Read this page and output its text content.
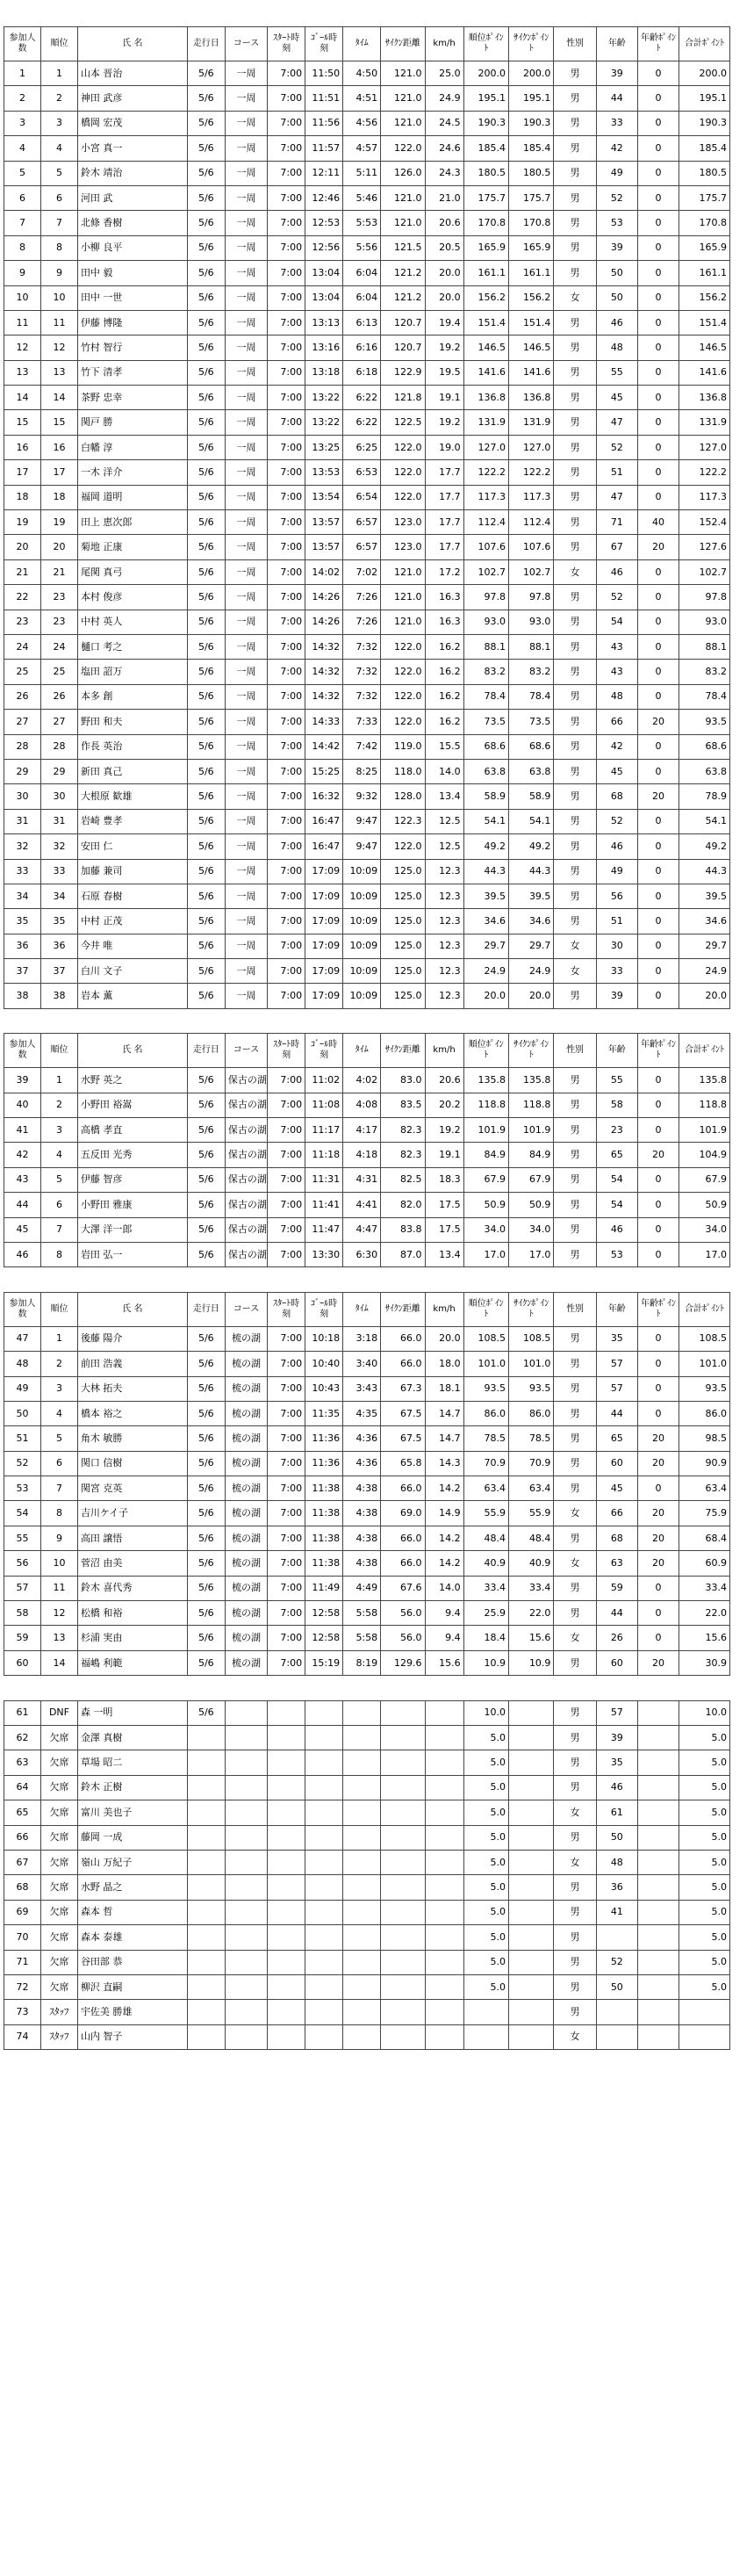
参加人数	順位	氏 名	走行日	コース	ｽﾀｰﾄ時刻	ｺﾞｰﾙ時刻	ﾀｲﾑ	ｻｲｸﾝ距離	km/h	順位ﾎﾟｲﾝﾄ	ｻｲｸﾝﾎﾟｲﾝﾄ	性別	年齢	年齢ﾎﾟｲﾝﾄ	合計ﾎﾟｲﾝﾄ
1	1	山本 晋治	5/6	一周	7:00	11:50	4:50	121.0	25.0	200.0	200.0	男	39	0	200.0
2	2	神田 武彦	5/6	一周	7:00	11:51	4:51	121.0	24.9	195.1	195.1	男	44	0	195.1
3	3	橋岡 宏茂	5/6	一周	7:00	11:56	4:56	121.0	24.5	190.3	190.3	男	33	0	190.3
4	4	小宮 真一	5/6	一周	7:00	11:57	4:57	122.0	24.6	185.4	185.4	男	42	0	185.4
5	5	鈴木 靖治	5/6	一周	7:00	12:11	5:11	126.0	24.3	180.5	180.5	男	49	0	180.5
6	6	河田 武	5/6	一周	7:00	12:46	5:46	121.0	21.0	175.7	175.7	男	52	0	175.7
7	7	北條 香樹	5/6	一周	7:00	12:53	5:53	121.0	20.6	170.8	170.8	男	53	0	170.8
8	8	小柳 良平	5/6	一周	7:00	12:56	5:56	121.5	20.5	165.9	165.9	男	39	0	165.9
9	9	田中 毅	5/6	一周	7:00	13:04	6:04	121.2	20.0	161.1	161.1	男	50	0	161.1
10	10	田中 一世	5/6	一周	7:00	13:04	6:04	121.2	20.0	156.2	156.2	女	50	0	156.2
11	11	伊藤 博隆	5/6	一周	7:00	13:13	6:13	120.7	19.4	151.4	151.4	男	46	0	151.4
12	12	竹村 智行	5/6	一周	7:00	13:16	6:16	120.7	19.2	146.5	146.5	男	48	0	146.5
13	13	竹下 清孝	5/6	一周	7:00	13:18	6:18	122.9	19.5	141.6	141.6	男	55	0	141.6
14	14	茶野 忠幸	5/6	一周	7:00	13:22	6:22	121.8	19.1	136.8	136.8	男	45	0	136.8
15	15	関戸 勝	5/6	一周	7:00	13:22	6:22	122.5	19.2	131.9	131.9	男	47	0	131.9
16	16	白幡 淳	5/6	一周	7:00	13:25	6:25	122.0	19.0	127.0	127.0	男	52	0	127.0
17	17	一木 洋介	5/6	一周	7:00	13:53	6:53	122.0	17.7	122.2	122.2	男	51	0	122.2
18	18	福岡 道明	5/6	一周	7:00	13:54	6:54	122.0	17.7	117.3	117.3	男	47	0	117.3
19	19	田上 恵次郎	5/6	一周	7:00	13:57	6:57	123.0	17.7	112.4	112.4	男	71	40	152.4
20	20	菊地 正康	5/6	一周	7:00	13:57	6:57	123.0	17.7	107.6	107.6	男	67	20	127.6
21	21	尾関 真弓	5/6	一周	7:00	14:02	7:02	121.0	17.2	102.7	102.7	女	46	0	102.7
22	23	本村 俊彦	5/6	一周	7:00	14:26	7:26	121.0	16.3	97.8	97.8	男	52	0	97.8
23	23	中村 英人	5/6	一周	7:00	14:26	7:26	121.0	16.3	93.0	93.0	男	54	0	93.0
24	24	樋口 考之	5/6	一周	7:00	14:32	7:32	122.0	16.2	88.1	88.1	男	43	0	88.1
25	25	塩田 詔万	5/6	一周	7:00	14:32	7:32	122.0	16.2	83.2	83.2	男	43	0	83.2
26	26	本多 創	5/6	一周	7:00	14:32	7:32	122.0	16.2	78.4	78.4	男	48	0	78.4
27	27	野田 和夫	5/6	一周	7:00	14:33	7:33	122.0	16.2	73.5	73.5	男	66	20	93.5
28	28	作長 英治	5/6	一周	7:00	14:42	7:42	119.0	15.5	68.6	68.6	男	42	0	68.6
29	29	新田 真己	5/6	一周	7:00	15:25	8:25	118.0	14.0	63.8	63.8	男	45	0	63.8
30	30	大根原 歓雄	5/6	一周	7:00	16:32	9:32	128.0	13.4	58.9	58.9	男	68	20	78.9
31	31	岩崎 豊孝	5/6	一周	7:00	16:47	9:47	122.3	12.5	54.1	54.1	男	52	0	54.1
32	32	安田 仁	5/6	一周	7:00	16:47	9:47	122.0	12.5	49.2	49.2	男	46	0	49.2
33	33	加藤 兼司	5/6	一周	7:00	17:09	10:09	125.0	12.3	44.3	44.3	男	49	0	44.3
34	34	石原 春樹	5/6	一周	7:00	17:09	10:09	125.0	12.3	39.5	39.5	男	56	0	39.5
35	35	中村 正茂	5/6	一周	7:00	17:09	10:09	125.0	12.3	34.6	34.6	男	51	0	34.6
36	36	今井 唯	5/6	一周	7:00	17:09	10:09	125.0	12.3	29.7	29.7	女	30	0	29.7
37	37	白川 文子	5/6	一周	7:00	17:09	10:09	125.0	12.3	24.9	24.9	女	33	0	24.9
38	38	岩本 薫	5/6	一周	7:00	17:09	10:09	125.0	12.3	20.0	20.0	男	39	0	20.0

参加人数	順位	氏 名	走行日	コース	ｽﾀｰﾄ時刻	ｺﾞｰﾙ時刻	ﾀｲﾑ	ｻｲｸﾝ距離	km/h	順位ﾎﾟｲﾝﾄ	ｻｲｸﾝﾎﾟｲﾝﾄ	性別	年齢	年齢ﾎﾟｲﾝﾄ	合計ﾎﾟｲﾝﾄ
39	1	水野 英之	5/6	保古の湖	7:00	11:02	4:02	83.0	20.6	135.8	135.8	男	55	0	135.8
40	2	小野田 裕嵩	5/6	保古の湖	7:00	11:08	4:08	83.5	20.2	118.8	118.8	男	58	0	118.8
41	3	高橋 孝直	5/6	保古の湖	7:00	11:17	4:17	82.3	19.2	101.9	101.9	男	23	0	101.9
42	4	五反田 光秀	5/6	保古の湖	7:00	11:18	4:18	82.3	19.1	84.9	84.9	男	65	20	104.9
43	5	伊藤 智彦	5/6	保古の湖	7:00	11:31	4:31	82.5	18.3	67.9	67.9	男	54	0	67.9
44	6	小野田 雅康	5/6	保古の湖	7:00	11:41	4:41	82.0	17.5	50.9	50.9	男	54	0	50.9
45	7	大澤 洋一郎	5/6	保古の湖	7:00	11:47	4:47	83.8	17.5	34.0	34.0	男	46	0	34.0
46	8	岩田 弘一	5/6	保古の湖	7:00	13:30	6:30	87.0	13.4	17.0	17.0	男	53	0	17.0

参加人数	順位	氏 名	走行日	コース	ｽﾀｰﾄ時刻	ｺﾞｰﾙ時刻	ﾀｲﾑ	ｻｲｸﾝ距離	km/h	順位ﾎﾟｲﾝﾄ	ｻｲｸﾝﾎﾟｲﾝﾄ	性別	年齢	年齢ﾎﾟｲﾝﾄ	合計ﾎﾟｲﾝﾄ
47	1	後藤 陽介	5/6	梳の湖	7:00	10:18	3:18	66.0	20.0	108.5	108.5	男	35	0	108.5
48	2	前田 浩義	5/6	梳の湖	7:00	10:40	3:40	66.0	18.0	101.0	101.0	男	57	0	101.0
49	3	大林 拓夫	5/6	梳の湖	7:00	10:43	3:43	67.3	18.1	93.5	93.5	男	57	0	93.5
50	4	橋本 裕之	5/6	梳の湖	7:00	11:35	4:35	67.5	14.7	86.0	86.0	男	44	0	86.0
51	5	角木 敏勝	5/6	梳の湖	7:00	11:36	4:36	67.5	14.7	78.5	78.5	男	65	20	98.5
52	6	関口 信樹	5/6	梳の湖	7:00	11:36	4:36	65.8	14.3	70.9	70.9	男	60	20	90.9
53	7	関宮 克英	5/6	梳の湖	7:00	11:38	4:38	66.0	14.2	63.4	63.4	男	45	0	63.4
54	8	吉川ケイ子	5/6	梳の湖	7:00	11:38	4:38	69.0	14.9	55.9	55.9	女	66	20	75.9
55	9	高田 譲悟	5/6	梳の湖	7:00	11:38	4:38	66.0	14.2	48.4	48.4	男	68	20	68.4
56	10	菅沼 由美	5/6	梳の湖	7:00	11:38	4:38	66.0	14.2	40.9	40.9	女	63	20	60.9
57	11	鈴木 喜代秀	5/6	梳の湖	7:00	11:49	4:49	67.6	14.0	33.4	33.4	男	59	0	33.4
58	12	松橋 和裕	5/6	梳の湖	7:00	12:58	5:58	56.0	9.4	25.9	22.0	男	44	0	22.0
59	13	杉浦 実由	5/6	梳の湖	7:00	12:58	5:58	56.0	9.4	18.4	15.6	女	26	0	15.6
60	14	福嶋 利範	5/6	梳の湖	7:00	15:19	8:19	129.6	15.6	10.9	10.9	男	60	20	30.9

61	DNF	森 一明	5/6							10.0		男	57		10.0
62	欠席	金澤 真樹								5.0		男	39		5.0
63	欠席	草場 昭二								5.0		男	35		5.0
64	欠席	鈴木 正樹								5.0		男	46		5.0
65	欠席	富川 美也子								5.0		女	61		5.0
66	欠席	藤岡 一成								5.0		男	50		5.0
67	欠席	嶺山 万紀子								5.0		女	48		5.0
68	欠席	水野 晶之								5.0		男	36		5.0
69	欠席	森本 哲								5.0		男	41		5.0
70	欠席	森本 泰雄								5.0		男			5.0
71	欠席	谷田部 恭								5.0		男	52		5.0
72	欠席	柳沢 直嗣								5.0		男	50		5.0
73	ｽﾀｯﾌ	宇佐美 勝雄										男			
74	ｽﾀｯﾌ	山内 智子										女			
